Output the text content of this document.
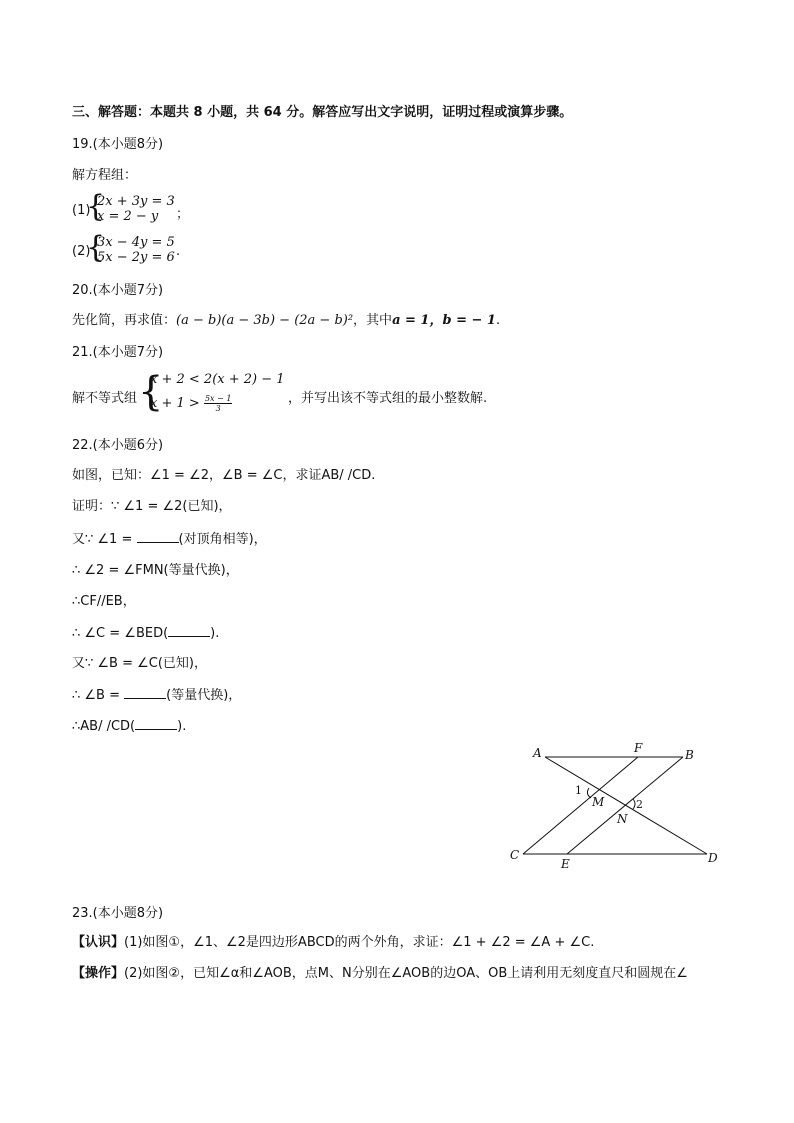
三、解答题：本题共 8 小题，共 64 分。解答应写出文字说明，证明过程或演算步骤。
19.(本小题8分)
解方程组：
(1)
{
2x + 3y = 3
x = 2 − y ；
(2)
{
3x − 4y = 5
5x − 2y = 6 .
20.(本小题7分)
先化简，再求值：(a − b)(a − 3b) − (2a − b)²，其中a = 1，b = − 1.
21.(本小题7分)
解不等式组 {
x + 2 < 2(x + 2) − 1
$x + 1 > \frac{5x - 1}{3}$	，并写出该不等式组的最小整数解.
22.(本小题6分)
如图，已知：∠1 = ∠2，∠B = ∠C，求证AB/ /CD.
证明：∵ ∠1 = ∠2(已知)，
又∵ ∠1 =	(对顶角相等)，
∴ ∠2 = ∠FMN(等量代换)，
∴CF//EB，
∴ ∠C = ∠BED(	).
又∵ ∠B = ∠C(已知)，
∴ ∠B =	(等量代换)，
∴AB/ /CD(	).
A	F	B
1
M	2
N
C
E	D
23.(本小题8分)
【认识】(1)如图①，∠1、∠2是四边形ABCD的两个外角，求证：∠1 + ∠2 = ∠A + ∠C.
【操作】(2)如图②，已知∠α和∠AOB，点M、N分别在∠AOB的边OA、OB上请利用无刻度直尺和圆规在∠
